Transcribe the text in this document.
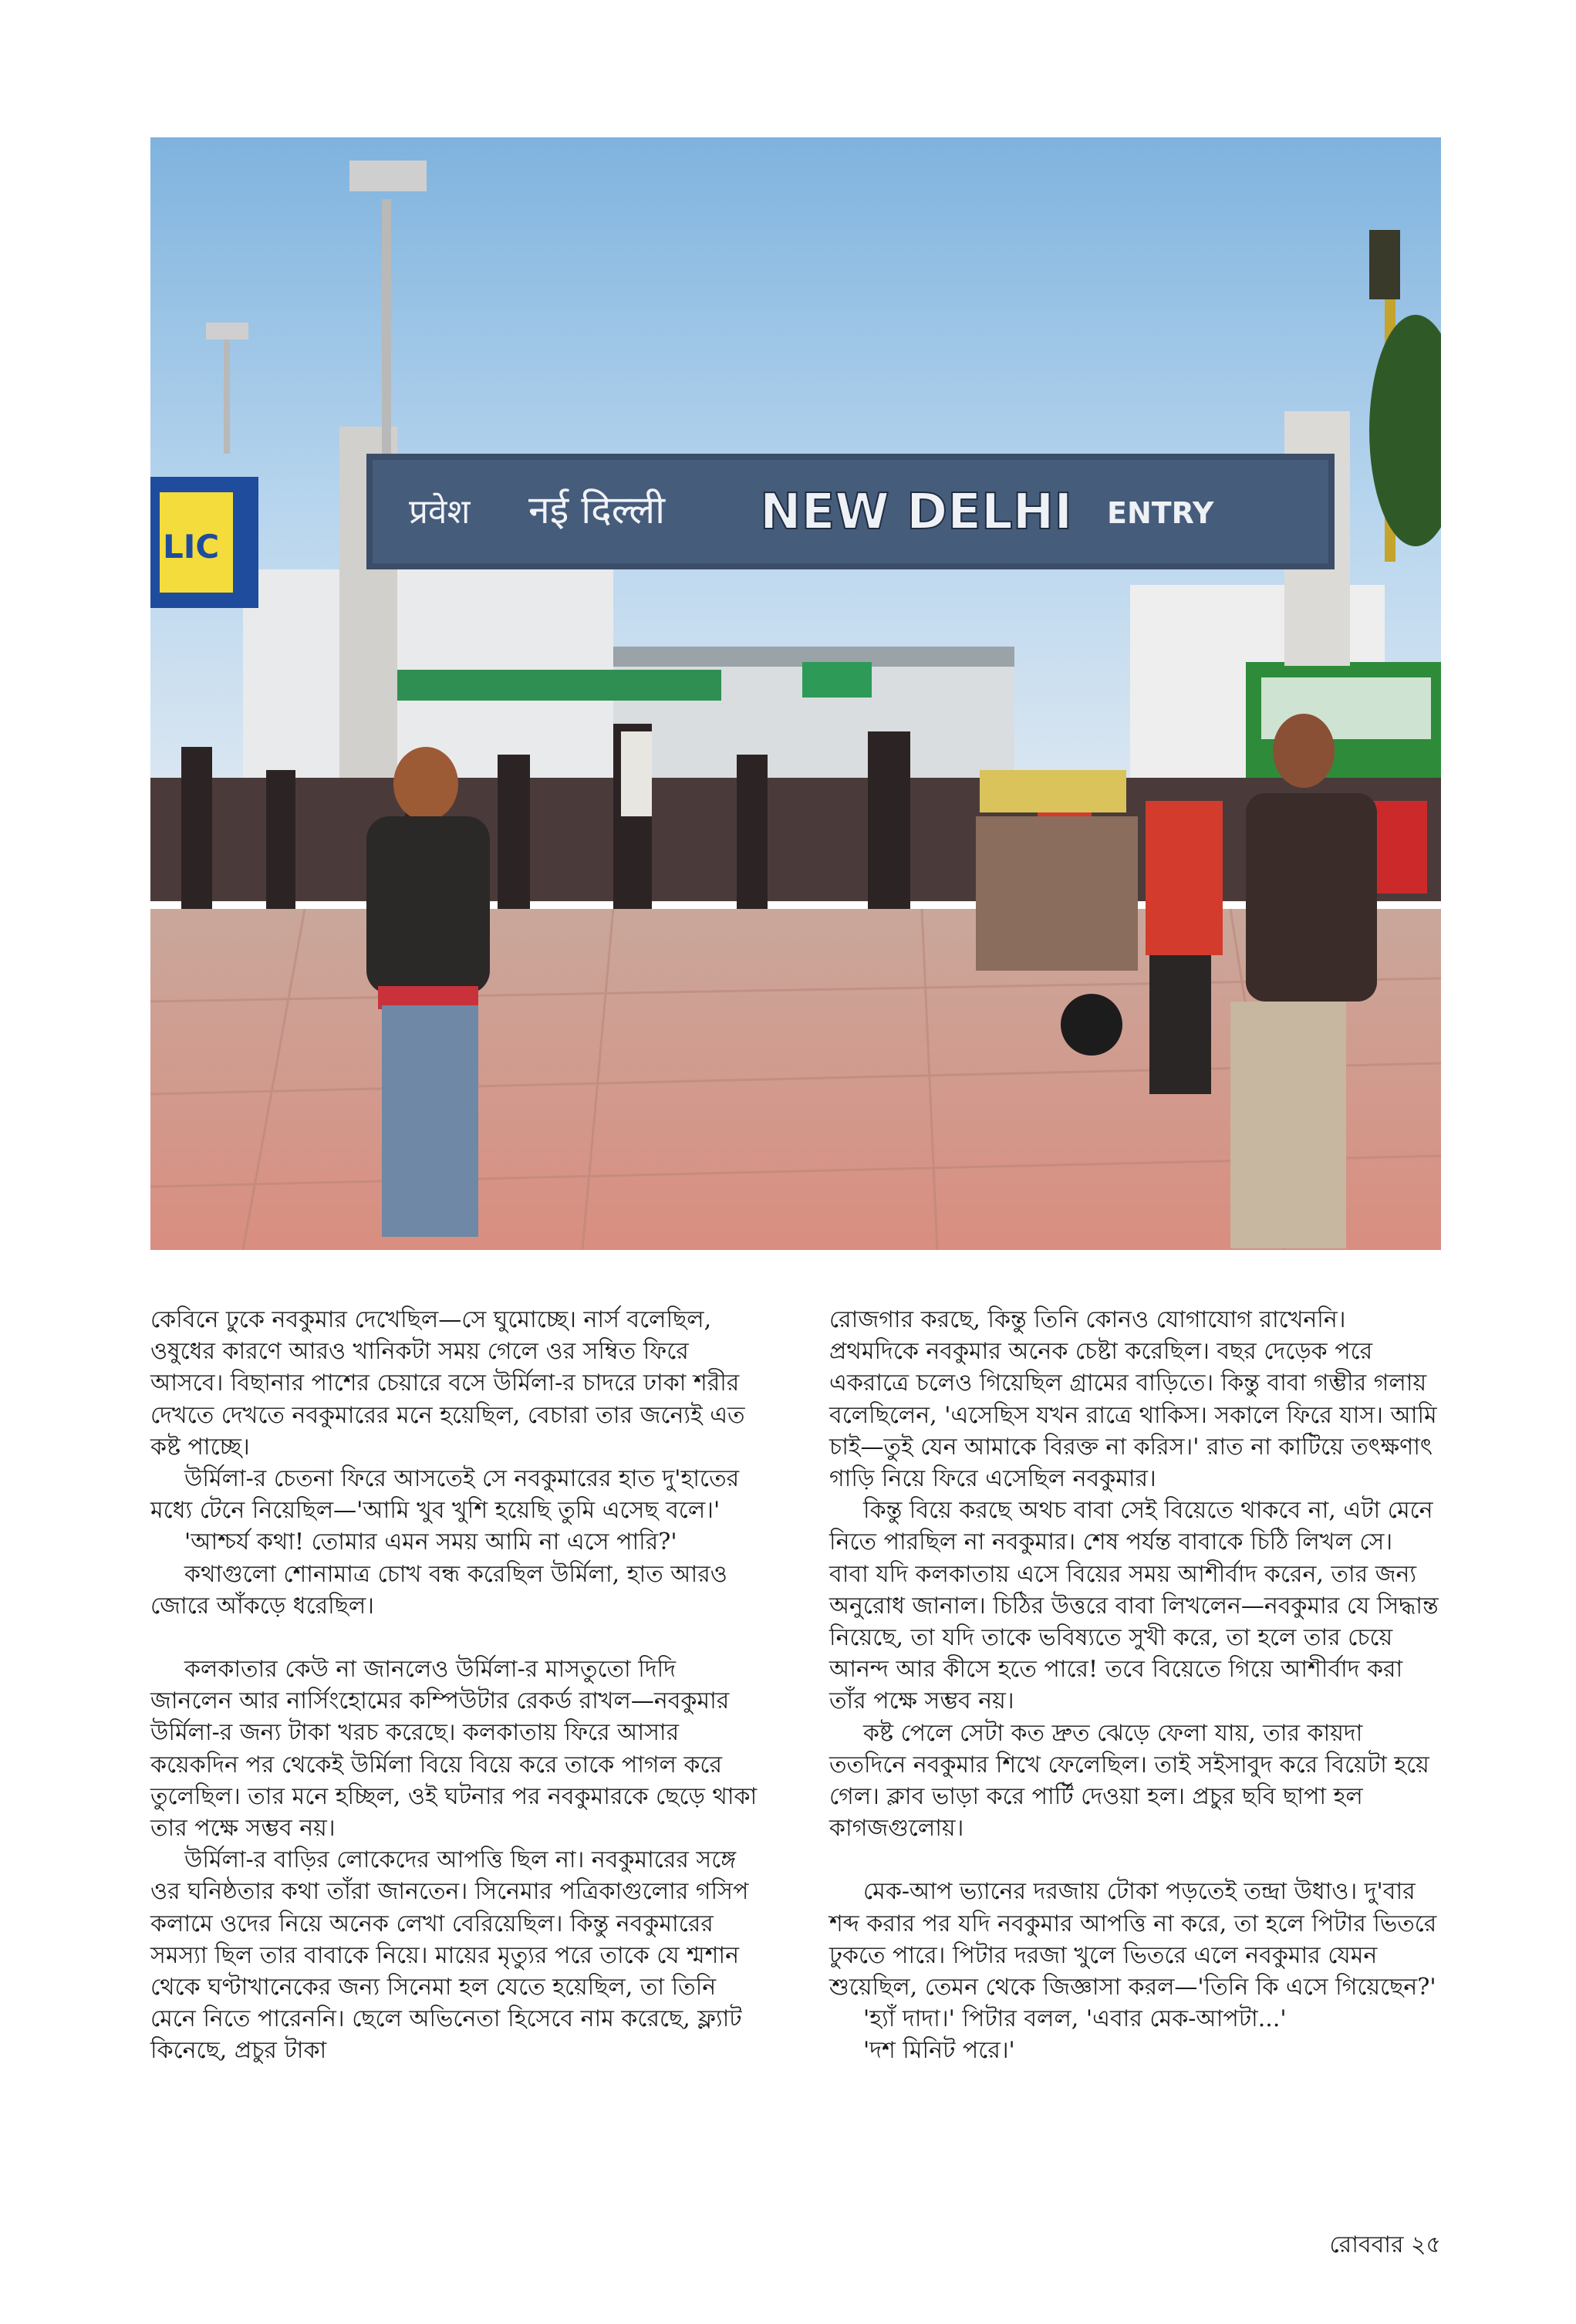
प्रवेश नई दिल्ली NEW DELHI ENTRY
LIC

কেবিনে ঢুকে নবকুমার দেখেছিল—সে ঘুমোচ্ছে। নার্স বলেছিল, ওষুধের কারণে আরও খানিকটা সময় গেলে ওর সম্বিত ফিরে আসবে। বিছানার পাশের চেয়ারে বসে উর্মিলা-র চাদরে ঢাকা শরীর দেখতে দেখতে নবকুমারের মনে হয়েছিল, বেচারা তার জন্যেই এত কষ্ট পাচ্ছে।

উর্মিলা-র চেতনা ফিরে আসতেই সে নবকুমারের হাত দু'হাতের মধ্যে টেনে নিয়েছিল—'আমি খুব খুশি হয়েছি তুমি এসেছ বলে।'

'আশ্চর্য কথা! তোমার এমন সময় আমি না এসে পারি?'

কথাগুলো শোনামাত্র চোখ বন্ধ করেছিল উর্মিলা, হাত আরও জোরে আঁকড়ে ধরেছিল।

কলকাতার কেউ না জানলেও উর্মিলা-র মাসতুতো দিদি জানলেন আর নার্সিংহোমের কম্পিউটার রেকর্ড রাখল—নবকুমার উর্মিলা-র জন্য টাকা খরচ করেছে। কলকাতায় ফিরে আসার কয়েকদিন পর থেকেই উর্মিলা বিয়ে বিয়ে করে তাকে পাগল করে তুলেছিল। তার মনে হচ্ছিল, ওই ঘটনার পর নবকুমারকে ছেড়ে থাকা তার পক্ষে সম্ভব নয়।

উর্মিলা-র বাড়ির লোকেদের আপত্তি ছিল না। নবকুমারের সঙ্গে ওর ঘনিষ্ঠতার কথা তাঁরা জানতেন। সিনেমার পত্রিকাগুলোর গসিপ কলামে ওদের নিয়ে অনেক লেখা বেরিয়েছিল। কিন্তু নবকুমারের সমস্যা ছিল তার বাবাকে নিয়ে। মায়ের মৃত্যুর পরে তাকে যে শ্মশান থেকে ঘণ্টাখানেকের জন্য সিনেমা হল যেতে হয়েছিল, তা তিনি মেনে নিতে পারেননি। ছেলে অভিনেতা হিসেবে নাম করেছে, ফ্ল্যাট কিনেছে, প্রচুর টাকা

রোজগার করছে, কিন্তু তিনি কোনও যোগাযোগ রাখেননি। প্রথমদিকে নবকুমার অনেক চেষ্টা করেছিল। বছর দেড়েক পরে একরাত্রে চলেও গিয়েছিল গ্রামের বাড়িতে। কিন্তু বাবা গম্ভীর গলায় বলেছিলেন, 'এসেছিস যখন রাত্রে থাকিস। সকালে ফিরে যাস। আমি চাই—তুই যেন আমাকে বিরক্ত না করিস।' রাত না কাটিয়ে তৎক্ষণাৎ গাড়ি নিয়ে ফিরে এসেছিল নবকুমার।

কিন্তু বিয়ে করছে অথচ বাবা সেই বিয়েতে থাকবে না, এটা মেনে নিতে পারছিল না নবকুমার। শেষ পর্যন্ত বাবাকে চিঠি লিখল সে। বাবা যদি কলকাতায় এসে বিয়ের সময় আশীর্বাদ করেন, তার জন্য অনুরোধ জানাল। চিঠির উত্তরে বাবা লিখলেন—নবকুমার যে সিদ্ধান্ত নিয়েছে, তা যদি তাকে ভবিষ্যতে সুখী করে, তা হলে তার চেয়ে আনন্দ আর কীসে হতে পারে! তবে বিয়েতে গিয়ে আশীর্বাদ করা তাঁর পক্ষে সম্ভব নয়।

কষ্ট পেলে সেটা কত দ্রুত ঝেড়ে ফেলা যায়, তার কায়দা ততদিনে নবকুমার শিখে ফেলেছিল। তাই সইসাবুদ করে বিয়েটা হয়ে গেল। ক্লাব ভাড়া করে পার্টি দেওয়া হল। প্রচুর ছবি ছাপা হল কাগজগুলোয়।

মেক-আপ ভ্যানের দরজায় টোকা পড়তেই তন্দ্রা উধাও। দু'বার শব্দ করার পর যদি নবকুমার আপত্তি না করে, তা হলে পিটার ভিতরে ঢুকতে পারে। পিটার দরজা খুলে ভিতরে এলে নবকুমার যেমন শুয়েছিল, তেমন থেকে জিজ্ঞাসা করল—'তিনি কি এসে গিয়েছেন?'

'হ্যাঁ দাদা।' পিটার বলল, 'এবার মেক-আপটা...'

'দশ মিনিট পরে।'

রোববার ২৫
